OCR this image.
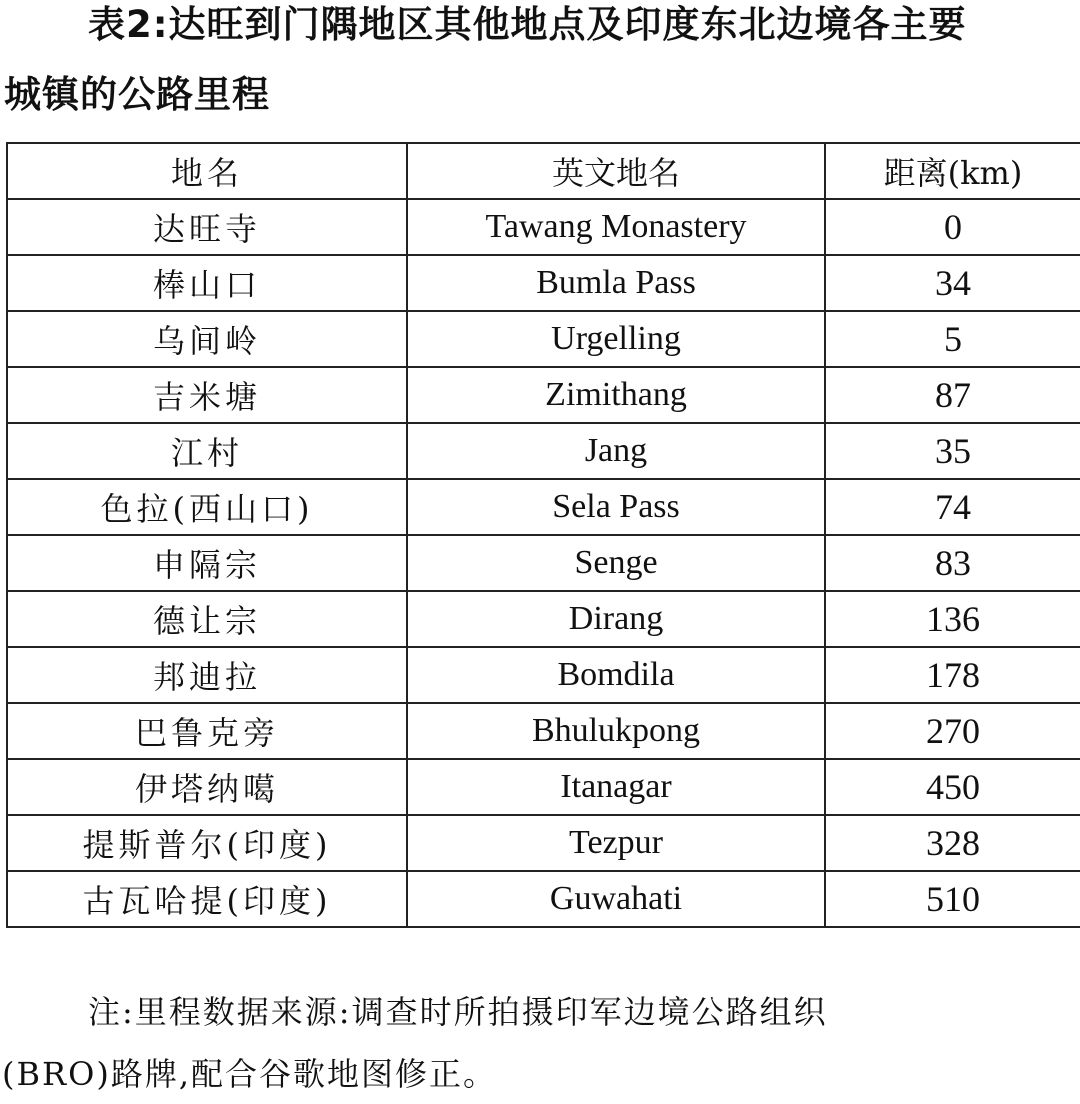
表2:达旺到门隅地区其他地点及印度东北边境各主要
城镇的公路里程
地名	英文地名	距离(km)
达旺寺	Tawang Monastery	0
棒山口	Bumla Pass	34
乌间岭	Urgelling	5
吉米塘	Zimithang	87
江村	Jang	35
色拉(西山口)	Sela Pass	74
申隔宗	Senge	83
德让宗	Dirang	136
邦迪拉	Bomdila	178
巴鲁克旁	Bhulukpong	270
伊塔纳噶	Itanagar	450
提斯普尔(印度)	Tezpur	328
古瓦哈提(印度)	Guwahati	510
注:里程数据来源:调查时所拍摄印军边境公路组织
(BRO)路牌,配合谷歌地图修正。
